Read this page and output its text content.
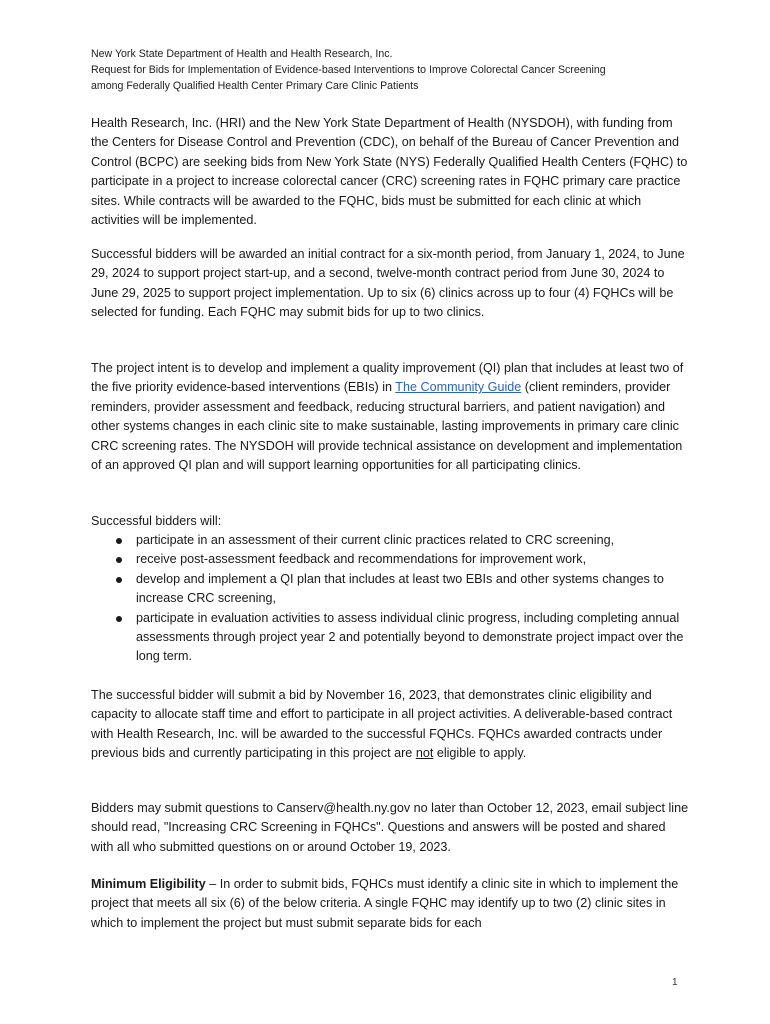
New York State Department of Health and Health Research, Inc.
Request for Bids for Implementation of Evidence-based Interventions to Improve Colorectal Cancer Screening
among Federally Qualified Health Center Primary Care Clinic Patients

Health Research, Inc. (HRI) and the New York State Department of Health (NYSDOH), with funding from the Centers for Disease Control and Prevention (CDC), on behalf of the Bureau of Cancer Prevention and Control (BCPC) are seeking bids from New York State (NYS) Federally Qualified Health Centers (FQHC) to participate in a project to increase colorectal cancer (CRC) screening rates in FQHC primary care practice sites. While contracts will be awarded to the FQHC, bids must be submitted for each clinic at which activities will be implemented.

Successful bidders will be awarded an initial contract for a six-month period, from January 1, 2024, to June 29, 2024 to support project start-up, and a second, twelve-month contract period from June 30, 2024 to June 29, 2025 to support project implementation. Up to six (6) clinics across up to four (4) FQHCs will be selected for funding. Each FQHC may submit bids for up to two clinics.

The project intent is to develop and implement a quality improvement (QI) plan that includes at least two of the five priority evidence-based interventions (EBIs) in The Community Guide (client reminders, provider reminders, provider assessment and feedback, reducing structural barriers, and patient navigation) and other systems changes in each clinic site to make sustainable, lasting improvements in primary care clinic CRC screening rates. The NYSDOH will provide technical assistance on development and implementation of an approved QI plan and will support learning opportunities for all participating clinics.

Successful bidders will:

participate in an assessment of their current clinic practices related to CRC screening,
receive post-assessment feedback and recommendations for improvement work,
develop and implement a QI plan that includes at least two EBIs and other systems changes to increase CRC screening,
participate in evaluation activities to assess individual clinic progress, including completing annual assessments through project year 2 and potentially beyond to demonstrate project impact over the long term.

The successful bidder will submit a bid by November 16, 2023, that demonstrates clinic eligibility and capacity to allocate staff time and effort to participate in all project activities. A deliverable-based contract with Health Research, Inc. will be awarded to the successful FQHCs. FQHCs awarded contracts under previous bids and currently participating in this project are not eligible to apply.

Bidders may submit questions to Canserv@health.ny.gov no later than October 12, 2023, email subject line should read, "Increasing CRC Screening in FQHCs". Questions and answers will be posted and shared with all who submitted questions on or around October 19, 2023.

Minimum Eligibility – In order to submit bids, FQHCs must identify a clinic site in which to implement the project that meets all six (6) of the below criteria. A single FQHC may identify up to two (2) clinic sites in which to implement the project but must submit separate bids for each

1
